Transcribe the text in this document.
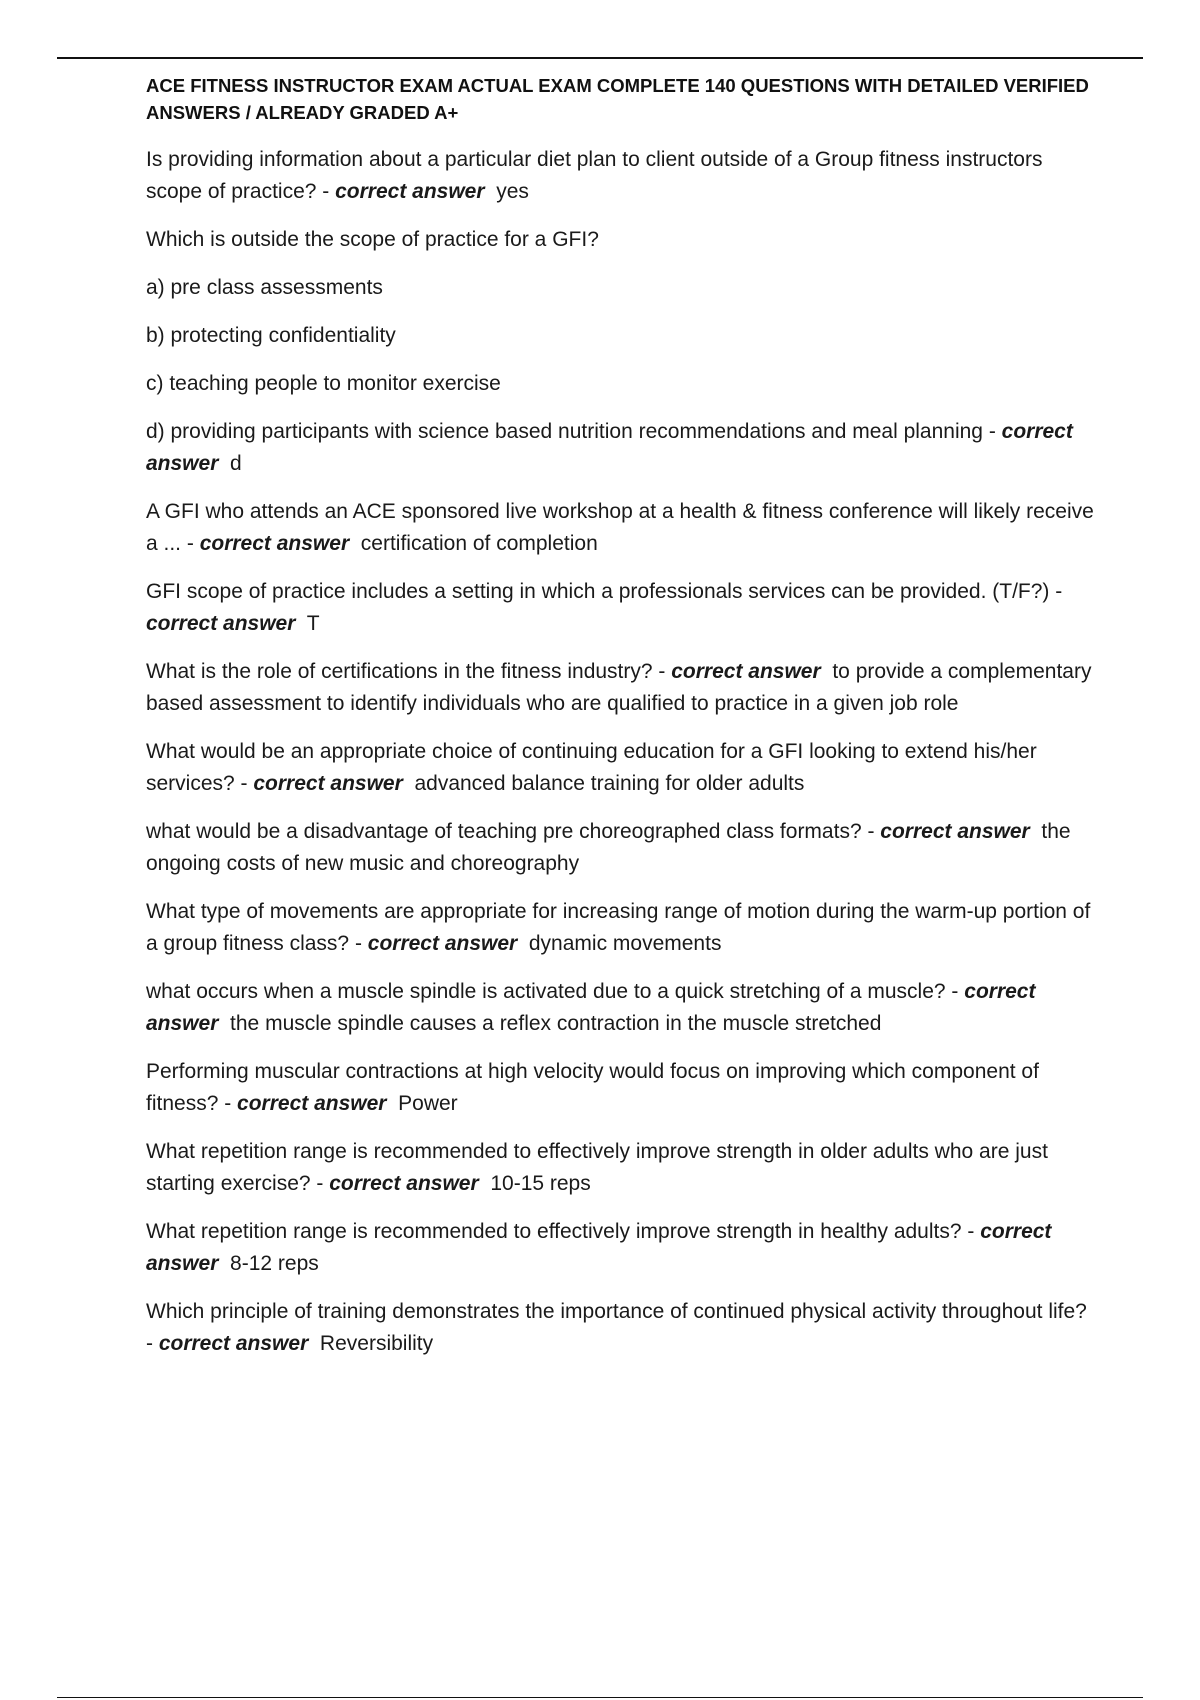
ACE FITNESS INSTRUCTOR EXAM ACTUAL EXAM COMPLETE 140 QUESTIONS WITH DETAILED VERIFIED ANSWERS / ALREADY GRADED A+
Is providing information about a particular diet plan to client outside of a Group fitness instructors scope of practice? - correct answer yes
Which is outside the scope of practice for a GFI?
a) pre class assessments
b) protecting confidentiality
c) teaching people to monitor exercise
d) providing participants with science based nutrition recommendations and meal planning - correct answer d
A GFI who attends an ACE sponsored live workshop at a health & fitness conference will likely receive a ... - correct answer certification of completion
GFI scope of practice includes a setting in which a professionals services can be provided. (T/F?) - correct answer T
What is the role of certifications in the fitness industry? - correct answer to provide a complementary based assessment to identify individuals who are qualified to practice in a given job role
What would be an appropriate choice of continuing education for a GFI looking to extend his/her services? - correct answer advanced balance training for older adults
what would be a disadvantage of teaching pre choreographed class formats? - correct answer the ongoing costs of new music and choreography
What type of movements are appropriate for increasing range of motion during the warm-up portion of a group fitness class? - correct answer dynamic movements
what occurs when a muscle spindle is activated due to a quick stretching of a muscle? - correct answer the muscle spindle causes a reflex contraction in the muscle stretched
Performing muscular contractions at high velocity would focus on improving which component of fitness? - correct answer Power
What repetition range is recommended to effectively improve strength in older adults who are just starting exercise? - correct answer 10-15 reps
What repetition range is recommended to effectively improve strength in healthy adults? - correct answer 8-12 reps
Which principle of training demonstrates the importance of continued physical activity throughout life? - correct answer Reversibility
